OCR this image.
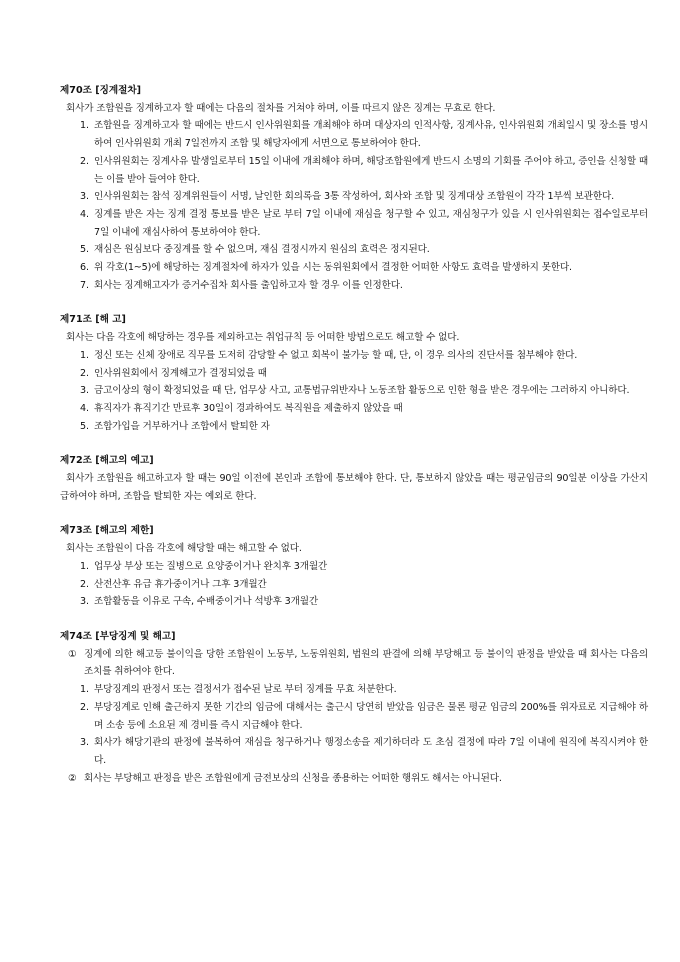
제70조 [징계절차]

회사가 조합원을 징계하고자 할 때에는 다음의 절차를 거쳐야 하며, 이를 따르지 않은 징계는 무효로 한다.

1. 조합원을 징계하고자 할 때에는 반드시 인사위원회를 개최해야 하며 대상자의 인적사항, 징계사유, 인사위원회 개최일시 및 장소를 명시하여 인사위원회 개최 7일전까지 조합 및 해당자에게 서면으로 통보하여야 한다.
2. 인사위원회는 징계사유 발생일로부터 15일 이내에 개최해야 하며, 해당조합원에게 반드시 소명의 기회를 주어야 하고, 증인을 신청할 때는 이를 받아 들여야 한다.
3. 인사위원회는 참석 징계위원들이 서명, 날인한 회의록을 3통 작성하여, 회사와 조합 및 징계대상 조합원이 각각 1부씩 보관한다.
4. 징계를 받은 자는 징계 결정 통보를 받은 날로 부터 7일 이내에 재심을 청구할 수 있고, 재심청구가 있을 시 인사위원회는 접수일로부터 7일 이내에 재심사하여 통보하여야 한다.
5. 재심은 원심보다 중징계를 할 수 없으며, 재심 결정시까지 원심의 효력은 정지된다.
6. 위 각호(1~5)에 해당하는 징계절차에 하자가 있을 시는 동위원회에서 결정한 어떠한 사항도 효력을 발생하지 못한다.
7. 회사는 징계해고자가 증거수집차 회사를 출입하고자 할 경우 이를 인정한다.
제71조 [해 고]

회사는 다음 각호에 해당하는 경우를 제외하고는 취업규칙 등 어떠한 방법으로도 해고할 수 없다.

1. 정신 또는 신체 장애로 직무를 도저히 감당할 수 없고 회복이 불가능 할 때, 단, 이 경우 의사의 진단서를 첨부해야 한다.
2. 인사위원회에서 징계해고가 결정되었을 때
3. 금고이상의 형이 확정되었을 때 단, 업무상 사고, 교통법규위반자나 노동조합 활동으로 인한 형을 받은 경우에는 그러하지 아니하다.
4. 휴직자가 휴직기간 만료후 30일이 경과하여도 복직원을 제출하지 않았을 때
5. 조합가입을 거부하거나 조합에서 탈퇴한 자
제72조 [해고의 예고]

회사가 조합원을 해고하고자 할 때는 90일 이전에 본인과 조합에 통보해야 한다. 단, 통보하지 않았을 때는 평균임금의 90일분 이상을 가산지급하여야 하며, 조합을 탈퇴한 자는 예외로 한다.

제73조 [해고의 제한]

회사는 조합원이 다음 각호에 해당할 때는 해고할 수 없다.

1. 업무상 부상 또는 질병으로 요양중이거나 완치후 3개월간
2. 산전산후 유급 휴가중이거나 그후 3개월간
3. 조합활동을 이유로 구속, 수배중이거나 석방후 3개월간
제74조 [부당징계 및 해고]
① 징계에 의한 해고등 불이익을 당한 조합원이 노동부, 노동위원회, 법원의 판결에 의해 부당해고 등 불이익 판정을 받았을 때 회사는 다음의 조치를 취하여야 한다.
1. 부당징계의 판정서 또는 결정서가 접수된 날로 부터 징계를 무효 처분한다.
2. 부당징계로 인해 출근하지 못한 기간의 임금에 대해서는 출근시 당연히 받았을 임금은 물론 평균 임금의 200%를 위자료로 지급해야 하며 소송 등에 소요된 제 경비를 즉시 지급해야 한다.
3. 회사가 해당기관의 판정에 불복하여 재심을 청구하거나 행정소송을 제기하더라 도 초심 결정에 따라 7일 이내에 원직에 복직시켜야 한다.
② 회사는 부당해고 판정을 받은 조합원에게 금전보상의 신청을 종용하는 어떠한 행위도 해서는 아니된다.
